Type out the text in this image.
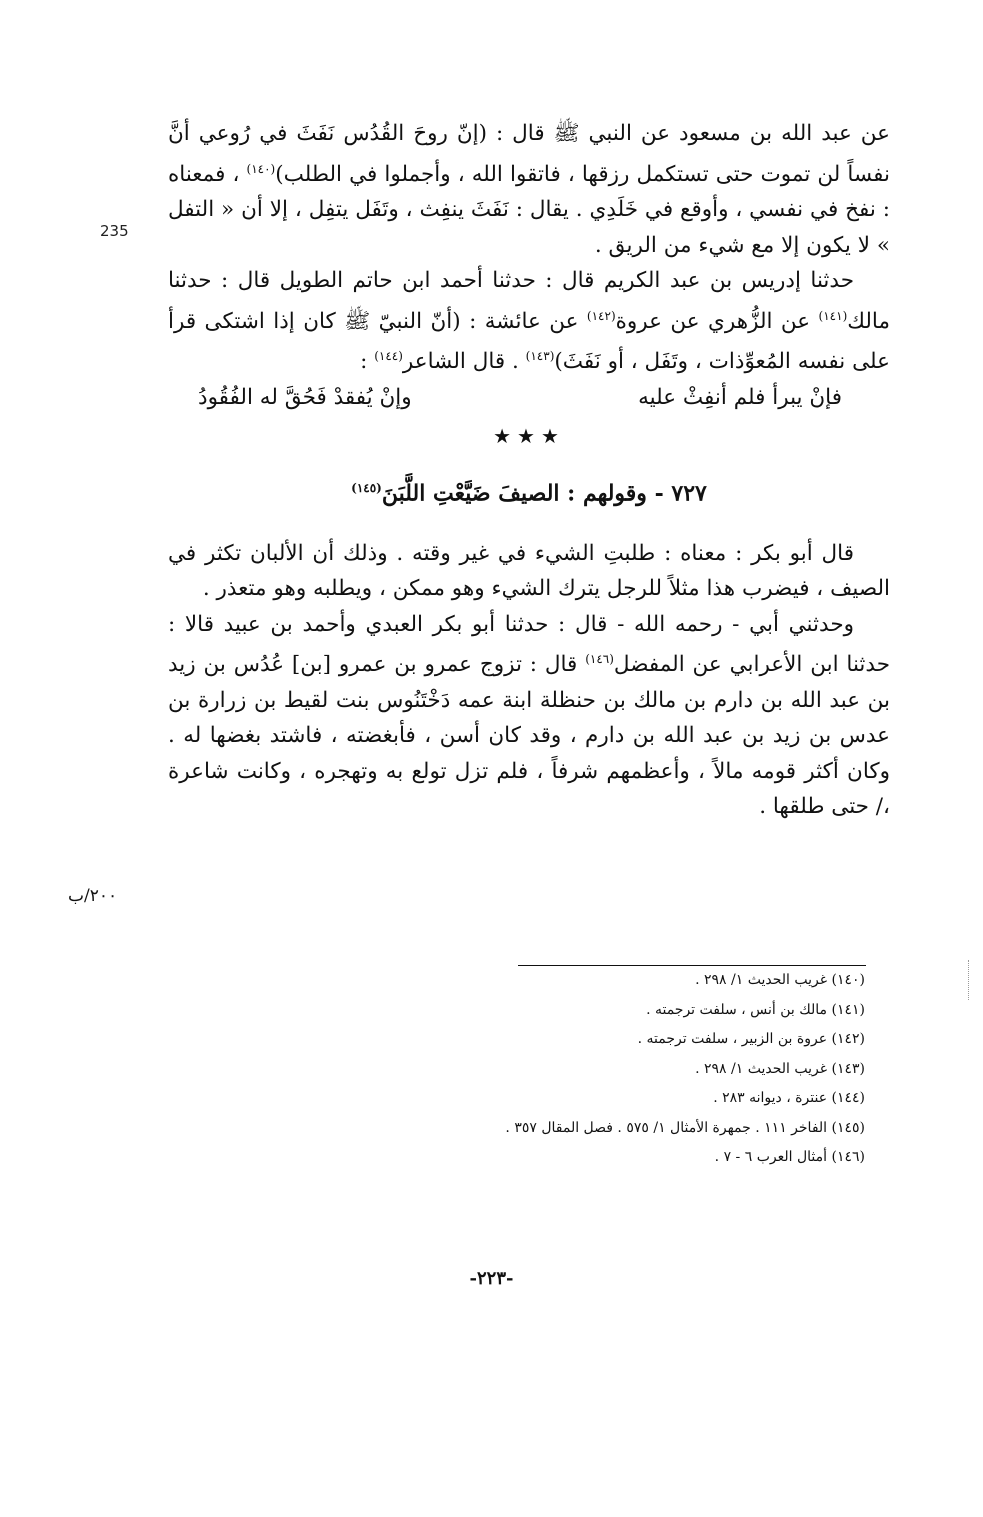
235
٢٠٠/ب

عن عبد الله بن مسعود عن النبي ﷺ قال : (إنّ روحَ القُدُس نَفَثَ في رُوعي أنَّ نفساً لن تموت حتى تستكمل رزقها ، فاتقوا الله ، وأجملوا في الطلب)$^{(١٤٠)}$ ، فمعناه : نفخ في نفسي ، وأوقع في خَلَدِي . يقال : نَفَثَ ينفِث ، وتَفَل يتفِل ، إلا أن « التفل » لا يكون إلا مع شيء من الريق .

حدثنا إدريس بن عبد الكريم قال : حدثنا أحمد ابن حاتم الطويل قال : حدثنا مالك$^{(١٤١)}$ عن الزُّهري عن عروة$^{(١٤٢)}$ عن عائشة : (أنّ النبيّ ﷺ كان إذا اشتكى قرأ على نفسه المُعوِّذات ، وتَفَل ، أو نَفَثَ)$^{(١٤٣)}$ . قال الشاعر$^{(١٤٤)}$ :

فإنْ يبرأ فلم أنفِثْ عليه
وإنْ يُفقدْ فَحُقَّ له الفُقُودُ
★★★
٧٢٧ - وقولهم : الصيفَ ضَيَّعْتِ اللَّبَنَ$^{(١٤٥)}$

قال أبو بكر : معناه : طلبتِ الشيء في غير وقته . وذلك أن الألبان تكثر في الصيف ، فيضرب هذا مثلاً للرجل يترك الشيء وهو ممكن ، ويطلبه وهو متعذر .

وحدثني أبي - رحمه الله - قال : حدثنا أبو بكر العبدي وأحمد بن عبيد قالا : حدثنا ابن الأعرابي عن المفضل$^{(١٤٦)}$ قال : تزوج عمرو بن عمرو [بن] عُدُس بن زيد بن عبد الله بن دارم بن مالك بن حنظلة ابنة عمه دَخْتَنُوس بنت لقيط بن زرارة بن عدس بن زيد بن عبد الله بن دارم ، وقد كان أسن ، فأبغضته ، فاشتد بغضها له . وكان أكثر قومه مالاً ، وأعظمهم شرفاً ، فلم تزل تولع به وتهجره ، وكانت شاعرة ،/ حتى طلقها .

(١٤٠) غريب الحديث ١/ ٢٩٨ .
(١٤١) مالك بن أنس ، سلفت ترجمته .
(١٤٢) عروة بن الزبير ، سلفت ترجمته .
(١٤٣) غريب الحديث ١/ ٢٩٨ .
(١٤٤) عنترة ، ديوانه ٢٨٣ .
(١٤٥) الفاخر ١١١ . جمهرة الأمثال ١/ ٥٧٥ . فصل المقال ٣٥٧ .
(١٤٦) أمثال العرب ٦ - ٧ .
-٢٢٣-
